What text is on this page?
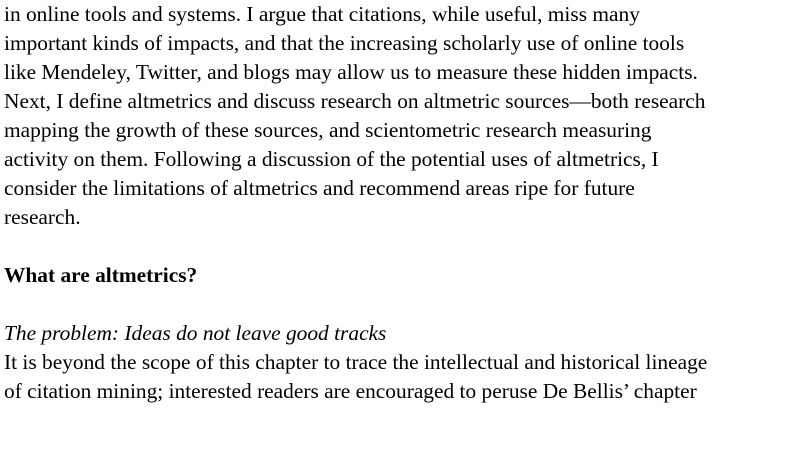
in online tools and systems. I argue that citations, while useful, miss many
important kinds of impacts, and that the increasing scholarly use of online tools
like Mendeley, Twitter, and blogs may allow us to measure these hidden impacts.
Next, I define altmetrics and discuss research on altmetric sources—both research
mapping the growth of these sources, and scientometric research measuring
activity on them. Following a discussion of the potential uses of altmetrics, I
consider the limitations of altmetrics and recommend areas ripe for future
research.
What are altmetrics?
The problem: Ideas do not leave good tracks
It is beyond the scope of this chapter to trace the intellectual and historical lineage
of citation mining; interested readers are encouraged to peruse De Bellis’ chapter
